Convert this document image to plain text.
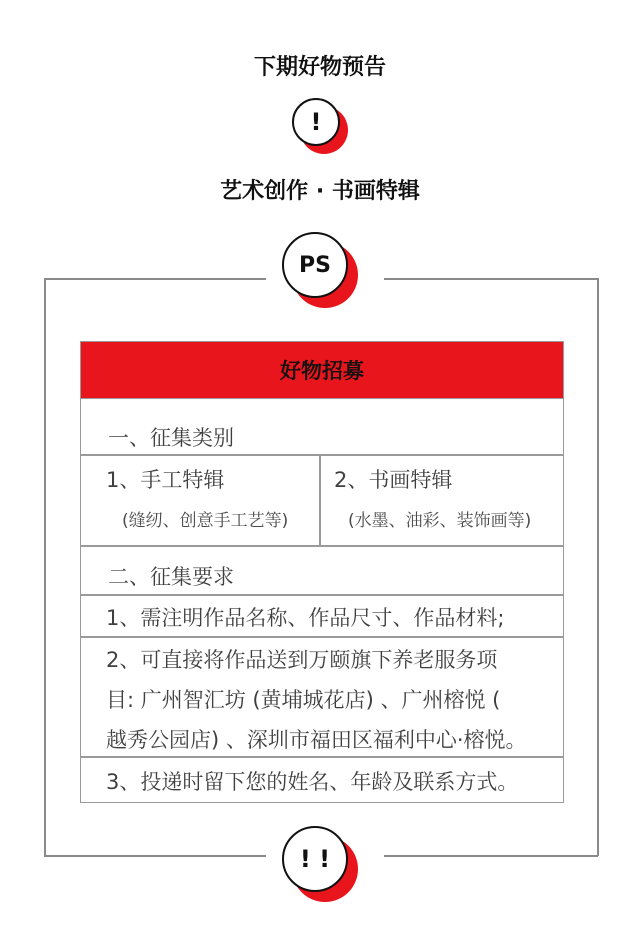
下期好物预告
!
艺术创作 · 书画特辑
PS
好物招募
一、征集类别
1、手工特辑
(缝纫、创意手工艺等)
2、书画特辑
(水墨、油彩、装饰画等)
二、征集要求
1、需注明作品名称、作品尺寸、作品材料;
2、可直接将作品送到万颐旗下养老服务项
目: 广州智汇坊 (黄埔城花店) 、广州榕悦 (
越秀公园店) 、深圳市福田区福利中心·榕悦。
3、投递时留下您的姓名、年龄及联系方式。
! !
